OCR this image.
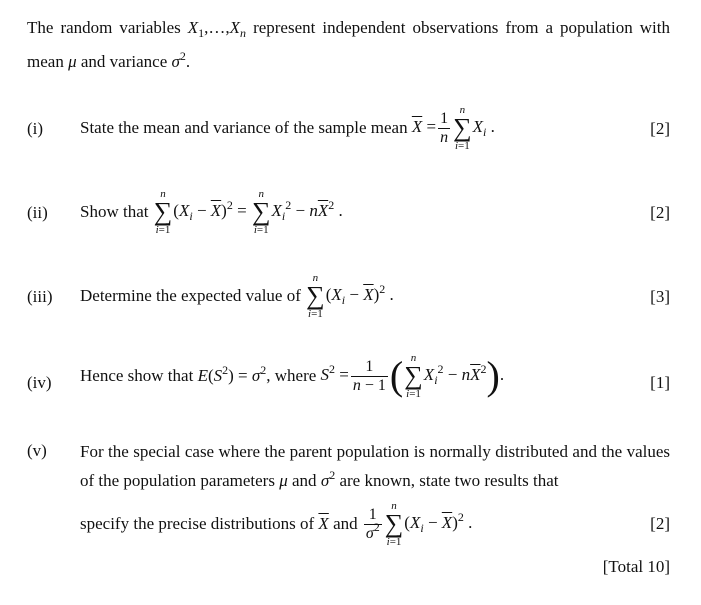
The random variables $X_1,\dots,X_n$ represent independent observations from a population with mean μ and variance $\sigma^2$.
(i) State the mean and variance of the sample mean $\overline{X} = \frac{1}{n}$ n
∑
i=1
$X_i$ .	[2]
(ii) Show that
n
∑
i=1
$(X_i - \overline{X})^2$ =
n
∑
i=1
$X_i^2 - n\overline{X}^2$ .	[2]
(iii) Determine the expected value of
n
∑
i=1
$(X_i - \overline{X})^2$ .	[3]
(iv) Hence show that $E(S^2) = \sigma^2$, where $S^2 = \frac{1}{n - 1}$ ( n
∑
i=1
$X_i^2 - n\overline{X}^2$).	[1]
(v) For the special case where the parent population is normally distributed and the values of the population parameters μ and $\sigma^2$ are known, state two results that
specify the precise distributions of $\overline{X}$ and $\frac{1}{\sigma^2}$ n
∑
i=1
$(X_i - \overline{X})^2$ .	[2]
[Total 10]
